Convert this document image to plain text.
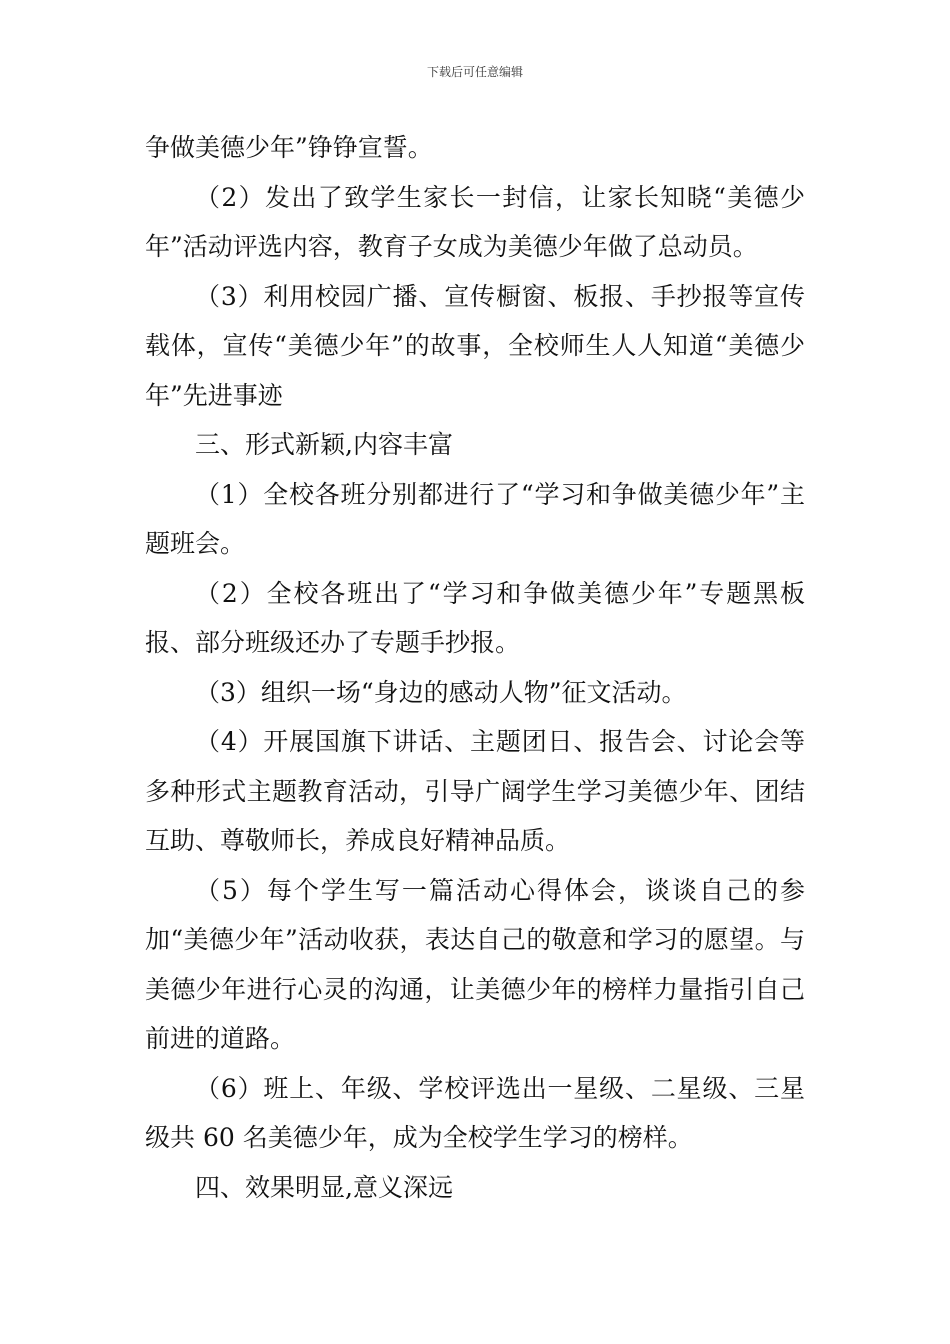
下载后可任意编辑

争做美德少年”铮铮宣誓。

（2）发出了致学生家长一封信，让家长知晓“美德少年”活动评选内容，教育子女成为美德少年做了总动员。

（3）利用校园广播、宣传橱窗、板报、手抄报等宣传载体，宣传“美德少年”的故事，全校师生人人知道“美德少年”先进事迹

三、形式新颖,内容丰富

（1）全校各班分别都进行了“学习和争做美德少年”主题班会。

（2）全校各班出了“学习和争做美德少年”专题黑板报、部分班级还办了专题手抄报。

（3）组织一场“身边的感动人物”征文活动。

（4）开展国旗下讲话、主题团日、报告会、讨论会等多种形式主题教育活动，引导广阔学生学习美德少年、团结互助、尊敬师长，养成良好精神品质。

（5）每个学生写一篇活动心得体会，谈谈自己的参加“美德少年”活动收获，表达自己的敬意和学习的愿望。与美德少年进行心灵的沟通，让美德少年的榜样力量指引自己前进的道路。

（6）班上、年级、学校评选出一星级、二星级、三星级共 60 名美德少年，成为全校学生学习的榜样。

四、效果明显,意义深远
